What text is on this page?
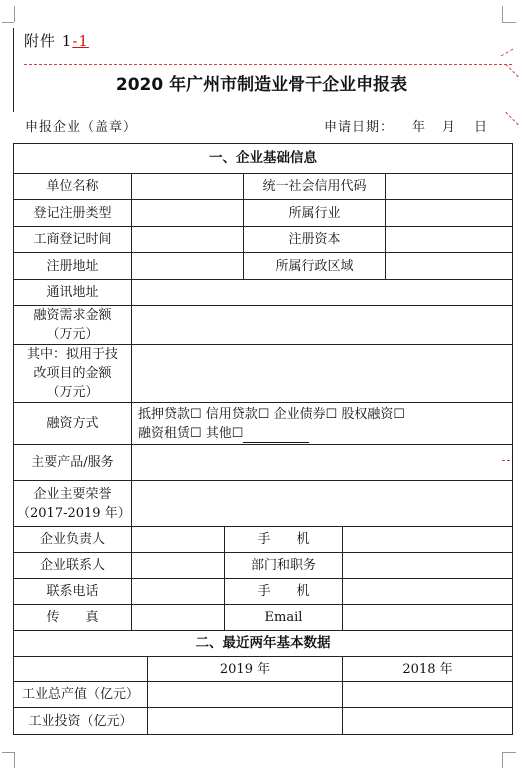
附件 1-1
2020 年广州市制造业骨干企业申报表
申报企业（盖章）	申请日期： 年 月 日
一、企业基础信息						
单位名称				统一社会信用代码		
登记注册类型				所属行业		
工商登记时间				注册资本		
注册地址				所属行政区域		
通讯地址						

融资需求金额
（万元）						

其中：拟用于技
改项目的金额
（万元）						

融资方式	抵押贷款☐ 信用贷款☐ 企业债券☐ 股权融资☐
融资租赁☐ 其他☐					

主要产品/服务						

企业主要荣誉
（2017-2019 年）						

企业负责人			手　　机			
企业联系人			部门和职务			
联系电话			手　　机			
传　　真			Email			
二、最近两年基本数据						
		2019 年			2018 年	
工业总产值（亿元）						
工业投资（亿元）						
